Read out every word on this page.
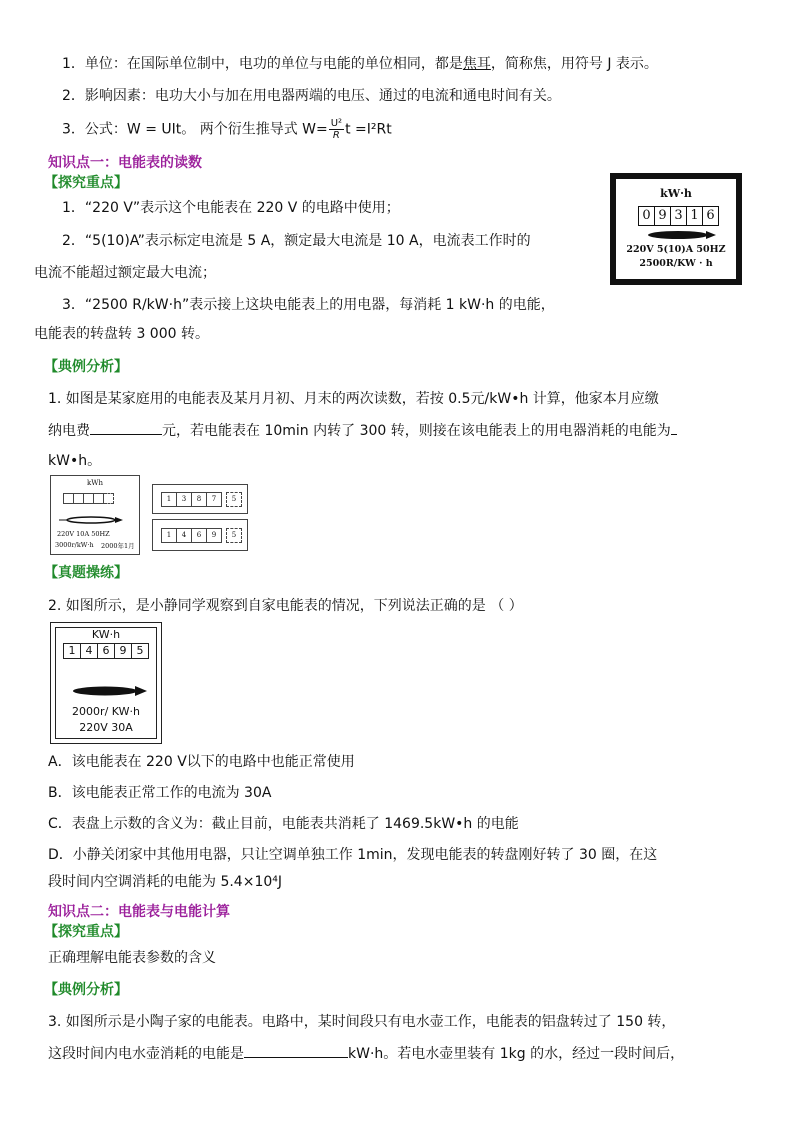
1．单位：在国际单位制中，电功的单位与电能的单位相同，都是焦耳，简称焦，用符号 J 表示。
2．影响因素：电功大小与加在用电器两端的电压、通过的电流和通电时间有关。
3．公式：W = UIt。 两个衍生推导式 $W= \frac{\text{U²}}{R}$ t =I²Rt
知识点一：电能表的读数
【探究重点】
1．“220 V”表示这个电能表在 220 V 的电路中使用；
2．“5(10)A”表示标定电流是 5 A，额定最大电流是 10 A，电流表工作时的
电流不能超过额定最大电流；
3．“2500 R/kW·h”表示接上这块电能表上的用电器，每消耗 1 kW·h 的电能，
电能表的转盘转 3 000 转。
kW·h
0 9 3 1 6
220V 5(10)A 50HZ
2500R/KW · h
【典例分析】
1. 如图是某家庭用的电能表及某月月初、月末的两次读数，若按 0.5元/kW•h 计算，他家本月应缴
纳电费	元，若电能表在 10min 内转了 300 转，则接在该电能表上的用电器消耗的电能为
kW•h。
kWh
220V 10A 50HZ
3000r/kW·h 2000年1月
1	3	8	7	5
1	4	6	9	5
【真题操练】
2. 如图所示，是小静同学观察到自家电能表的情况，下列说法正确的是 （ ）
KW·h
1 4 6 9 5
2000r/ KW·h
220V 30A
A．该电能表在 220 V以下的电路中也能正常使用
B．该电能表正常工作的电流为 30A
C．表盘上示数的含义为：截止目前，电能表共消耗了 1469.5kW•h 的电能
D．小静关闭家中其他用电器，只让空调单独工作 1min，发现电能表的转盘刚好转了 30 圈，在这
段时间内空调消耗的电能为 5.4×10⁴J
知识点二：电能表与电能计算
【探究重点】
正确理解电能表参数的含义
【典例分析】
3. 如图所示是小陶子家的电能表。电路中，某时间段只有电水壶工作，电能表的铝盘转过了 150 转，
这段时间内电水壶消耗的电能是	kW·h。若电水壶里装有 1kg 的水，经过一段时间后，
